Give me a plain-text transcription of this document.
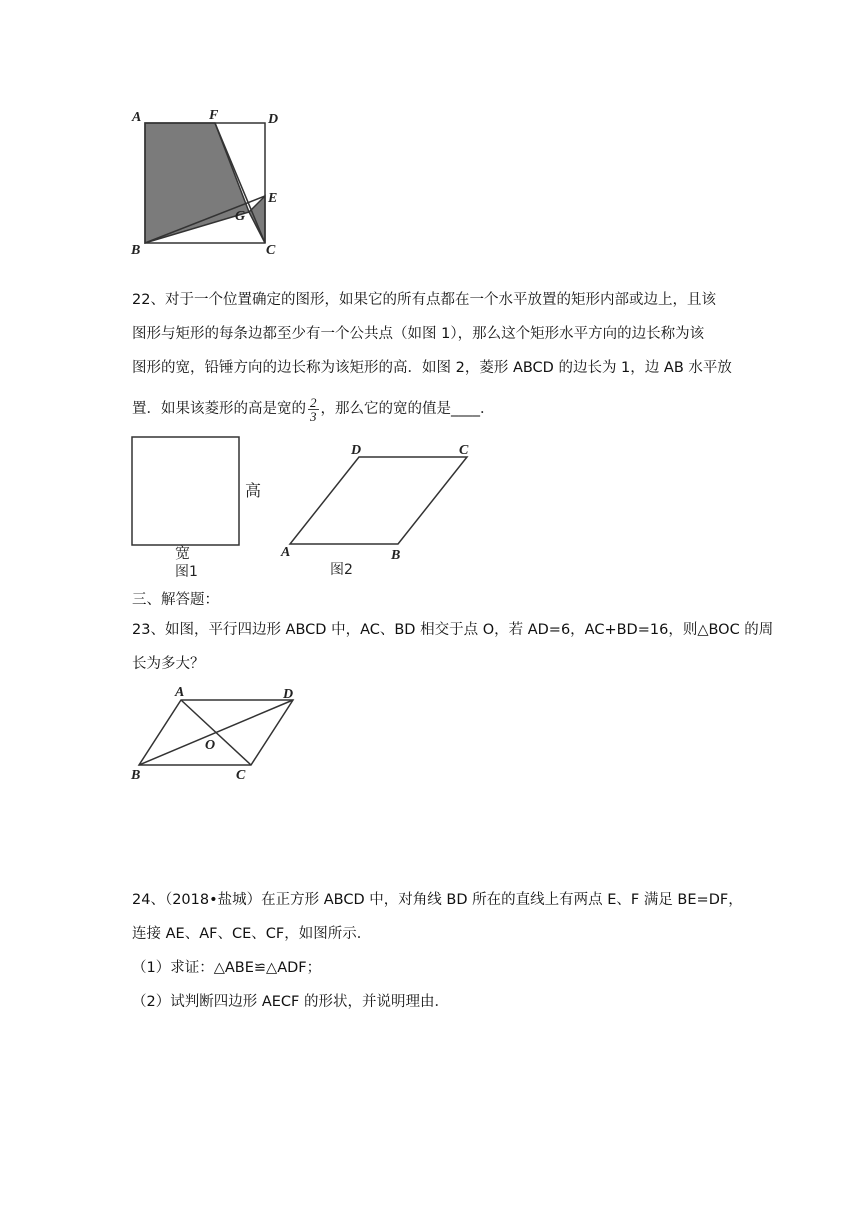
A	F	D
E
G
B	C
22、对于一个位置确定的图形，如果它的所有点都在一个水平放置的矩形内部或边上，且该
图形与矩形的每条边都至少有一个公共点（如图 1），那么这个矩形水平方向的边长称为该
图形的宽，铅锤方向的边长称为该矩形的高．如图 2，菱形 ABCD 的边长为 1，边 AB 水平放
置．如果该菱形的高是宽的 $\frac{2}{3}$ ，那么它的宽的值是____．
高
宽
图1
A	B
C
D
图2
三、解答题：
23、如图，平行四边形 ABCD 中，AC、BD 相交于点 O，若 AD=6，AC+BD=16，则△BOC 的周
长为多大？
A	D
O
B	C
24、（2018•盐城）在正方形 ABCD 中，对角线 BD 所在的直线上有两点 E、F 满足 BE=DF，
连接 AE、AF、CE、CF，如图所示．
（1）求证：△ABE≌△ADF；
（2）试判断四边形 AECF 的形状，并说明理由．
